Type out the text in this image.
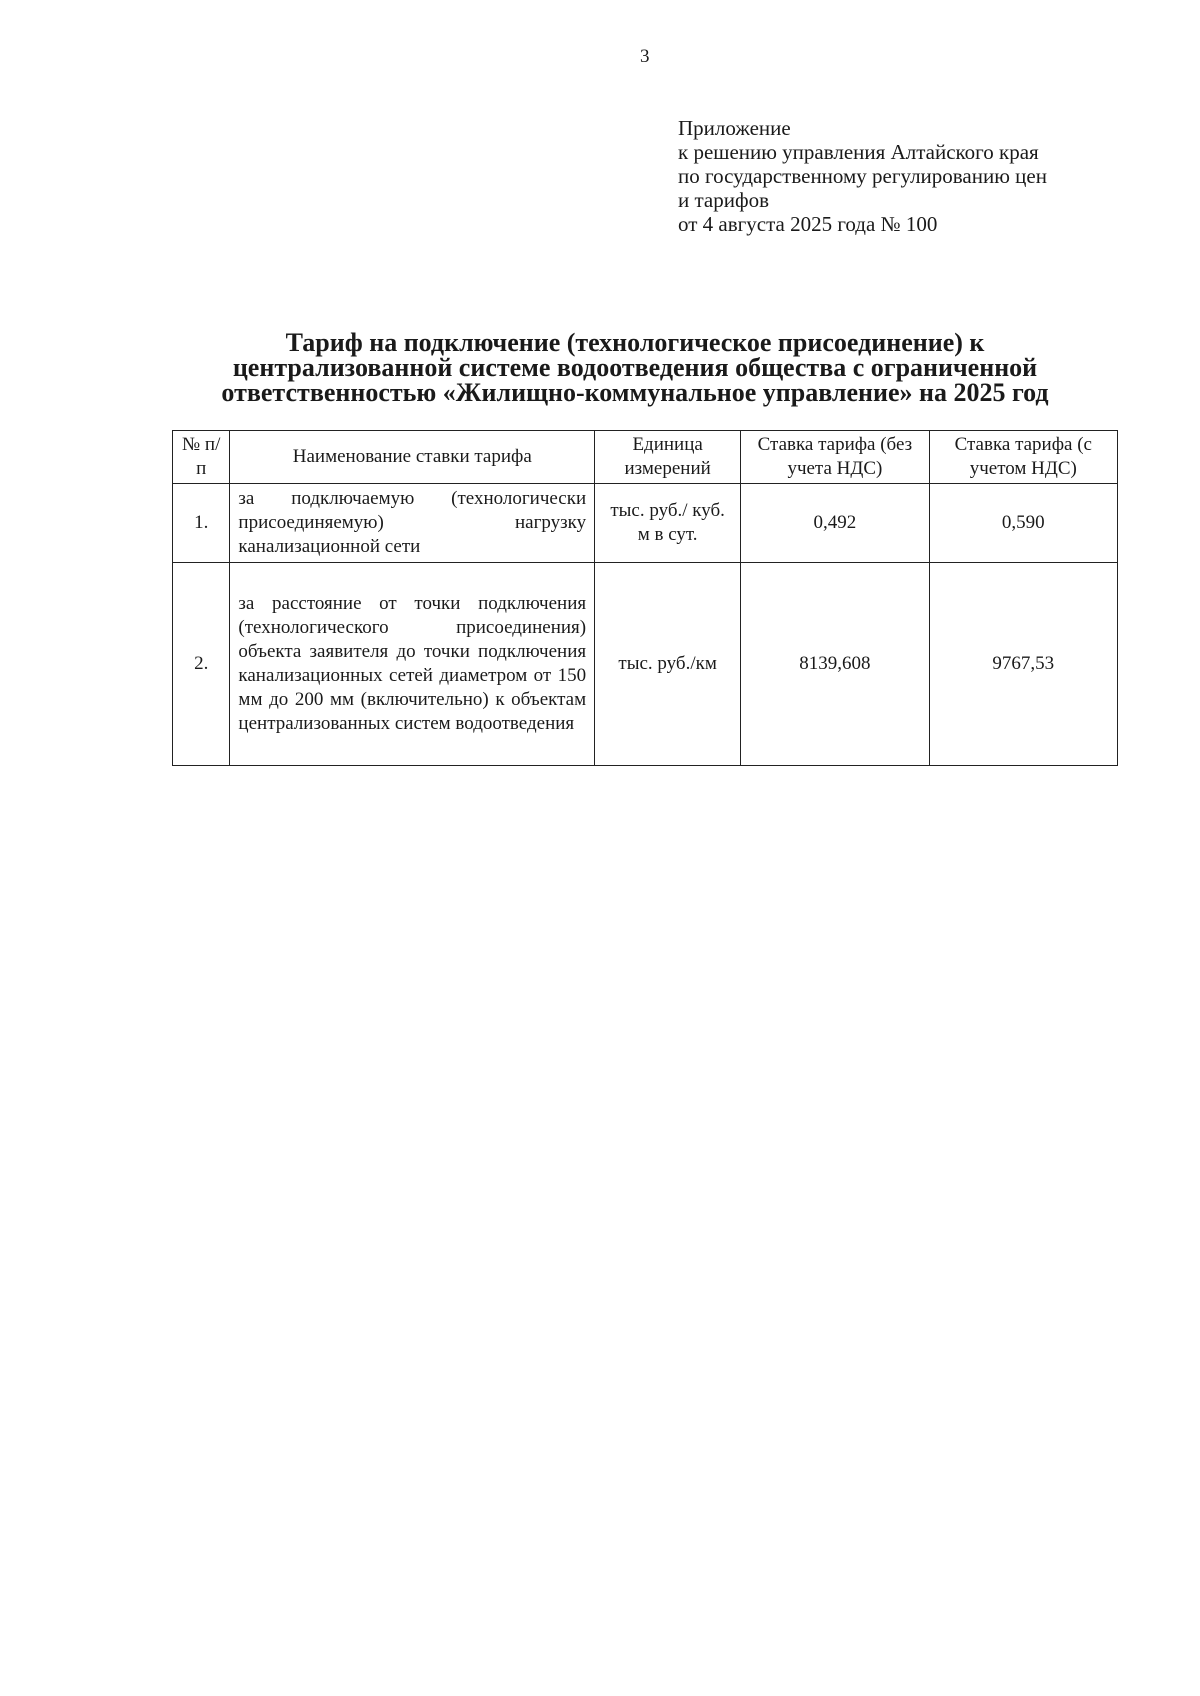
3
Приложение
к решению управления Алтайского края
по государственному регулированию цен
и тарифов
от 4 августа 2025 года № 100
Тариф на подключение (технологическое присоединение) к
централизованной системе водоотведения общества с ограниченной
ответственностью «Жилищно-коммунальное управление» на 2025 год
№ п/п	Наименование ставки тарифа	Единица измерений	Ставка тарифа (без учета НДС)	Ставка тарифа (с учетом НДС)
1.	за подключаемую (технологически присоединяемую) нагрузку канализационной сети	тыс. руб./ куб. м в сут.	0,492	0,590
2.	за расстояние от точки подключения (технологического присоединения) объекта заявителя до точки подключения канализационных сетей диаметром от 150 мм до 200 мм (включительно) к объектам централизованных систем водоотведения	тыс. руб./км	8139,608	9767,53
